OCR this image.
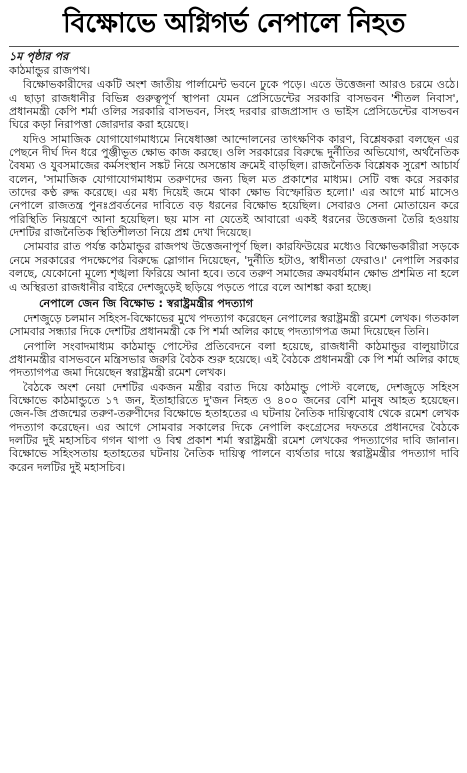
বিক্ষোভে অগ্নিগর্ভ নেপালে নিহত
১ম পৃষ্ঠার পর

কাঠমান্ডুর রাজপথ।

বিক্ষোভকারীদের একটি অংশ জাতীয় পার্লামেন্ট ভবনে ঢুকে পড়ে। এতে উত্তেজনা আরও চরমে ওঠে। এ ছাড়া রাজধানীর বিভিন্ন গুরুত্বপূর্ণ স্থাপনা যেমন প্রেসিডেন্টের সরকারি বাসভবন 'শীতল নিবাস', প্রধানমন্ত্রী কেপি শর্মা ওলির সরকারি বাসভবন, সিংহ দরবার রাজপ্রাসাদ ও ভাইস প্রেসিডেন্টের বাসভবন ঘিরে কড়া নিরাপত্তা জোরদার করা হয়েছে।

যদিও সামাজিক যোগাযোগমাধ্যমে নিষেধাজ্ঞা আন্দোলনের তাৎক্ষণিক কারণ, বিশ্লেষকরা বলছেন এর পেছনে দীর্ঘ দিন ধরে পুঞ্জীভূত ক্ষোভ কাজ করছে। ওলি সরকারের বিরুদ্ধে দুর্নীতির অভিযোগ, অর্থনৈতিক বৈষম্য ও যুবসমাজের কর্মসংস্থান সঙ্কট নিয়ে অসন্তোষ ক্রমেই বাড়ছিল। রাজনৈতিক বিশ্লেষক সুরেশ আচার্য বলেন, 'সামাজিক যোগাযোগমাধ্যম তরুণদের জন্য ছিল মত প্রকাশের মাধ্যম। সেটি বন্ধ করে সরকার তাদের কণ্ঠ রুদ্ধ করেছে। এর মধ্য দিয়েই জমে থাকা ক্ষোভ বিস্ফোরিত হলো।' এর আগে মার্চ মাসেও নেপালে রাজতন্ত্র পুনঃপ্রবর্তনের দাবিতে বড় ধরনের বিক্ষোভ হয়েছিল। সেবারও সেনা মোতায়েন করে পরিস্থিতি নিয়ন্ত্রণে আনা হয়েছিল। ছয় মাস না যেতেই আবারো একই ধরনের উত্তেজনা তৈরি হওয়ায় দেশটির রাজনৈতিক স্থিতিশীলতা নিয়ে প্রশ্ন দেখা দিয়েছে।

সোমবার রাত পর্যন্ত কাঠমান্ডুর রাজপথ উত্তেজনাপূর্ণ ছিল। কারফিউয়ের মধ্যেও বিক্ষোভকারীরা সড়কে নেমে সরকারের পদক্ষেপের বিরুদ্ধে স্লোগান দিয়েছেন, 'দুর্নীতি হটাও, স্বাধীনতা ফেরাও।' নেপালি সরকার বলছে, যেকোনো মূল্যে শৃঙ্খলা ফিরিয়ে আনা হবে। তবে তরুণ সমাজের ক্রমবর্ধমান ক্ষোভ প্রশমিত না হলে এ অস্থিরতা রাজধানীর বাইরে দেশজুড়েই ছড়িয়ে পড়তে পারে বলে আশঙ্কা করা হচ্ছে।

নেপালে জেন জি বিক্ষোভ : স্বরাষ্ট্রমন্ত্রীর পদত্যাগ

দেশজুড়ে চলমান সহিংস-বিক্ষোভের মুখে পদত্যাগ করেছেন নেপালের স্বরাষ্ট্রমন্ত্রী রমেশ লেখক। গতকাল সোমবার সন্ধ্যার দিকে দেশটির প্রধানমন্ত্রী কে পি শর্মা অলির কাছে পদত্যাগপত্র জমা দিয়েছেন তিনি।

নেপালি সংবাদমাধ্যম কাঠমান্ডু পোস্টের প্রতিবেদনে বলা হয়েছে, রাজধানী কাঠমান্ডুর বালুয়াটারে প্রধানমন্ত্রীর বাসভবনে মন্ত্রিসভার জরুরি বৈঠক শুরু হয়েছে। এই বৈঠকে প্রধানমন্ত্রী কে পি শর্মা অলির কাছে পদত্যাগপত্র জমা দিয়েছেন স্বরাষ্ট্রমন্ত্রী রমেশ লেখক।

বৈঠকে অংশ নেয়া দেশটির একজন মন্ত্রীর বরাত দিয়ে কাঠমান্ডু পোস্ট বলেছে, দেশজুড়ে সহিংস বিক্ষোভে কাঠমান্ডুতে ১৭ জন, ইতাহারিতে দু'জন নিহত ও ৪০০ জনের বেশি মানুষ আহত হয়েছেন। জেন-জি প্রজন্মের তরুণ-তরুণীদের বিক্ষোভে হতাহতের এ ঘটনায় নৈতিক দায়িত্ববোধ থেকে রমেশ লেখক পদত্যাগ করেছেন। এর আগে সোমবার সকালের দিকে নেপালি কংগ্রেসের দফতরে প্রধানদের বৈঠকে দলটির দুই মহাসচিব গগন থাপা ও বিশ্ব প্রকাশ শর্মা স্বরাষ্ট্রমন্ত্রী রমেশ লেখকের পদত্যাগের দাবি জানান। বিক্ষোভে সহিংসতায় হতাহতের ঘটনায় নৈতিক দায়িত্ব পালনে ব্যর্থতার দায়ে স্বরাষ্ট্রমন্ত্রীর পদত্যাগ দাবি করেন দলটির দুই মহাসচিব।
